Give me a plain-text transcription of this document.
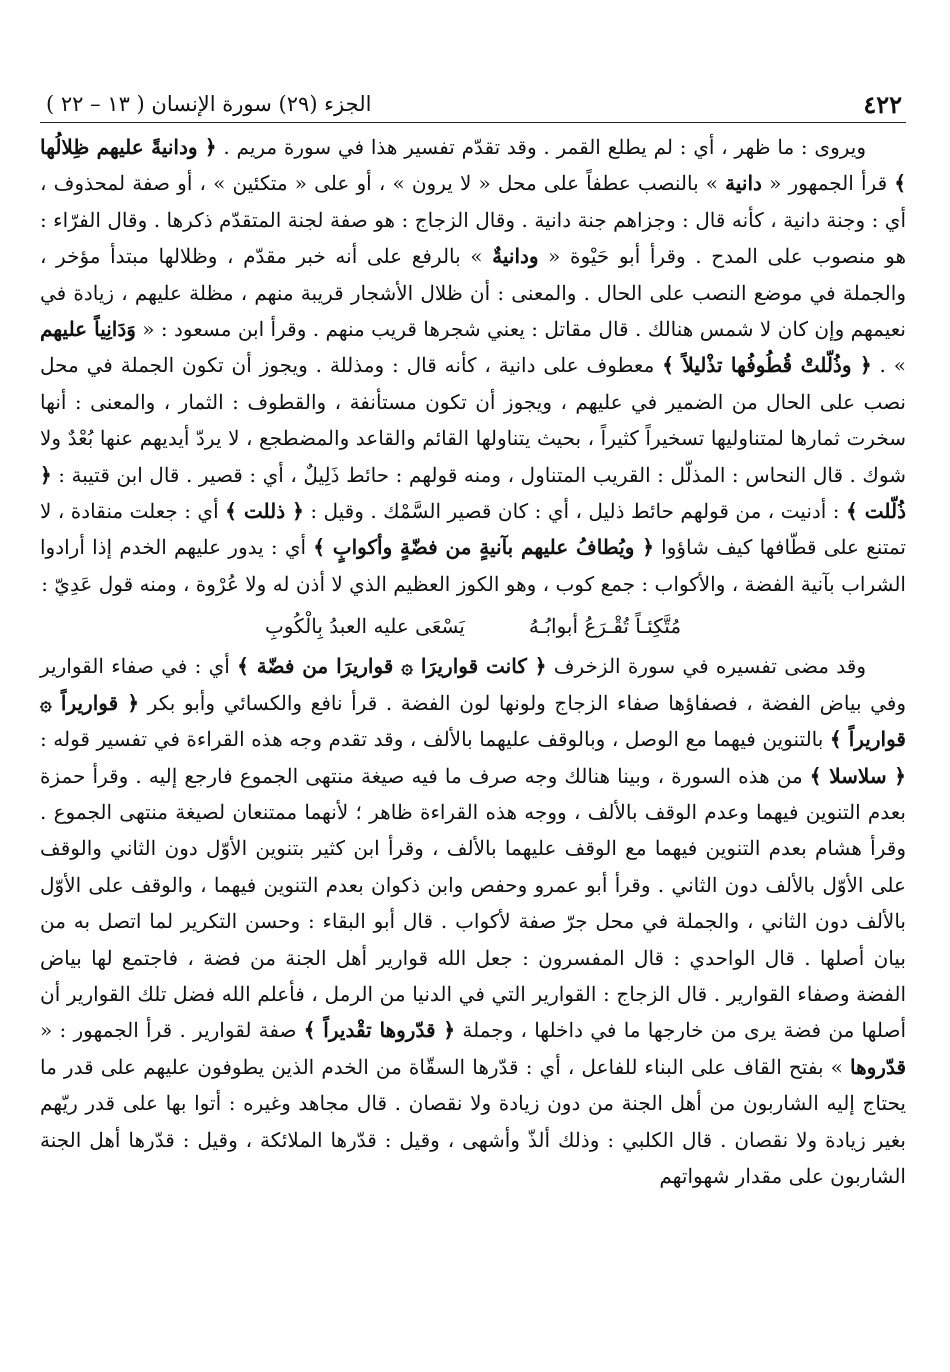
٤٢٢
الجزء (٢٩) سورة الإنسان ( ١٣ – ٢٢ )

ويروى : ما ظهر ، أي : لم يطلع القمر . وقد تقدّم تفسير هذا في سورة مريم . ﴿ ودانيةً عليهم ظِلالُها ﴾ قرأ الجمهور « دانية » بالنصب عطفاً على محل « لا يرون » ، أو على « متكئين » ، أو صفة لمحذوف ، أي : وجنة دانية ، كأنه قال : وجزاهم جنة دانية . وقال الزجاج : هو صفة لجنة المتقدّم ذكرها . وقال الفرّاء : هو منصوب على المدح . وقرأ أبو حَيْوة « ودانيةٌ » بالرفع على أنه خبر مقدّم ، وظلالها مبتدأ مؤخر ، والجملة في موضع النصب على الحال . والمعنى : أن ظلال الأشجار قريبة منهم ، مظلة عليهم ، زيادة في نعيمهم وإن كان لا شمس هنالك . قال مقاتل : يعني شجرها قريب منهم . وقرأ ابن مسعود : « وَدَانِياً عليهم » . ﴿ وذُلّلتْ قُطُوفُها تذْليلاً ﴾ معطوف على دانية ، كأنه قال : ومذللة . ويجوز أن تكون الجملة في محل نصب على الحال من الضمير في عليهم ، ويجوز أن تكون مستأنفة ، والقطوف : الثمار ، والمعنى : أنها سخرت ثمارها لمتناوليها تسخيراً كثيراً ، بحيث يتناولها القائم والقاعد والمضطجع ، لا يردّ أيديهم عنها بُعْدٌ ولا شوك . قال النحاس : المذلّل : القريب المتناول ، ومنه قولهم : حائط ذَلِيلٌ ، أي : قصير . قال ابن قتيبة : ﴿ ذُلّلت ﴾ : أدنيت ، من قولهم حائط ذليل ، أي : كان قصير السَّمْك . وقيل : ﴿ ذللت ﴾ أي : جعلت منقادة ، لا تمتنع على قطّافها كيف شاؤوا ﴿ ويُطافُ عليهم بآنيةٍ من فضّةٍ وأكوابٍ ﴾ أي : يدور عليهم الخدم إذا أرادوا الشراب بآنية الفضة ، والأكواب : جمع كوب ، وهو الكوز العظيم الذي لا أذن له ولا عُرْوة ، ومنه قول عَدِيّ :

مُتَّكِئـاً تُقْـرَعُ أبوابُـهُ
يَسْعَى عليه العبدُ بِالْكُوبِ

وقد مضى تفسيره في سورة الزخرف ﴿ كانت قواريرَا ۞ قواريرَا من فضّة ﴾ أي : في صفاء القوارير وفي بياض الفضة ، فصفاؤها صفاء الزجاج ولونها لون الفضة . قرأ نافع والكسائي وأبو بكر ﴿ قواريراً ۞ قواريراً ﴾ بالتنوين فيهما مع الوصل ، وبالوقف عليهما بالألف ، وقد تقدم وجه هذه القراءة في تفسير قوله : ﴿ سلاسلا ﴾ من هذه السورة ، وبينا هنالك وجه صرف ما فيه صيغة منتهى الجموع فارجع إليه . وقرأ حمزة بعدم التنوين فيهما وعدم الوقف بالألف ، ووجه هذه القراءة ظاهر ؛ لأنهما ممتنعان لصيغة منتهى الجموع . وقرأ هشام بعدم التنوين فيهما مع الوقف عليهما بالألف ، وقرأ ابن كثير بتنوين الأوّل دون الثاني والوقف على الأوّل بالألف دون الثاني . وقرأ أبو عمرو وحفص وابن ذكوان بعدم التنوين فيهما ، والوقف على الأوّل بالألف دون الثاني ، والجملة في محل جرّ صفة لأكواب . قال أبو البقاء : وحسن التكرير لما اتصل به من بيان أصلها . قال الواحدي : قال المفسرون : جعل الله قوارير أهل الجنة من فضة ، فاجتمع لها بياض الفضة وصفاء القوارير . قال الزجاج : القوارير التي في الدنيا من الرمل ، فأعلم الله فضل تلك القوارير أن أصلها من فضة يرى من خارجها ما في داخلها ، وجملة ﴿ قدّروها تقْديراً ﴾ صفة لقوارير . قرأ الجمهور : « قدّروها » بفتح القاف على البناء للفاعل ، أي : قدّرها السقّاة من الخدم الذين يطوفون عليهم على قدر ما يحتاج إليه الشاربون من أهل الجنة من دون زيادة ولا نقصان . قال مجاهد وغيره : أتوا بها على قدر ريّهم بغير زيادة ولا نقصان . قال الكلبي : وذلك ألذّ وأشهى ، وقيل : قدّرها الملائكة ، وقيل : قدّرها أهل الجنة الشاربون على مقدار شهواتهم
